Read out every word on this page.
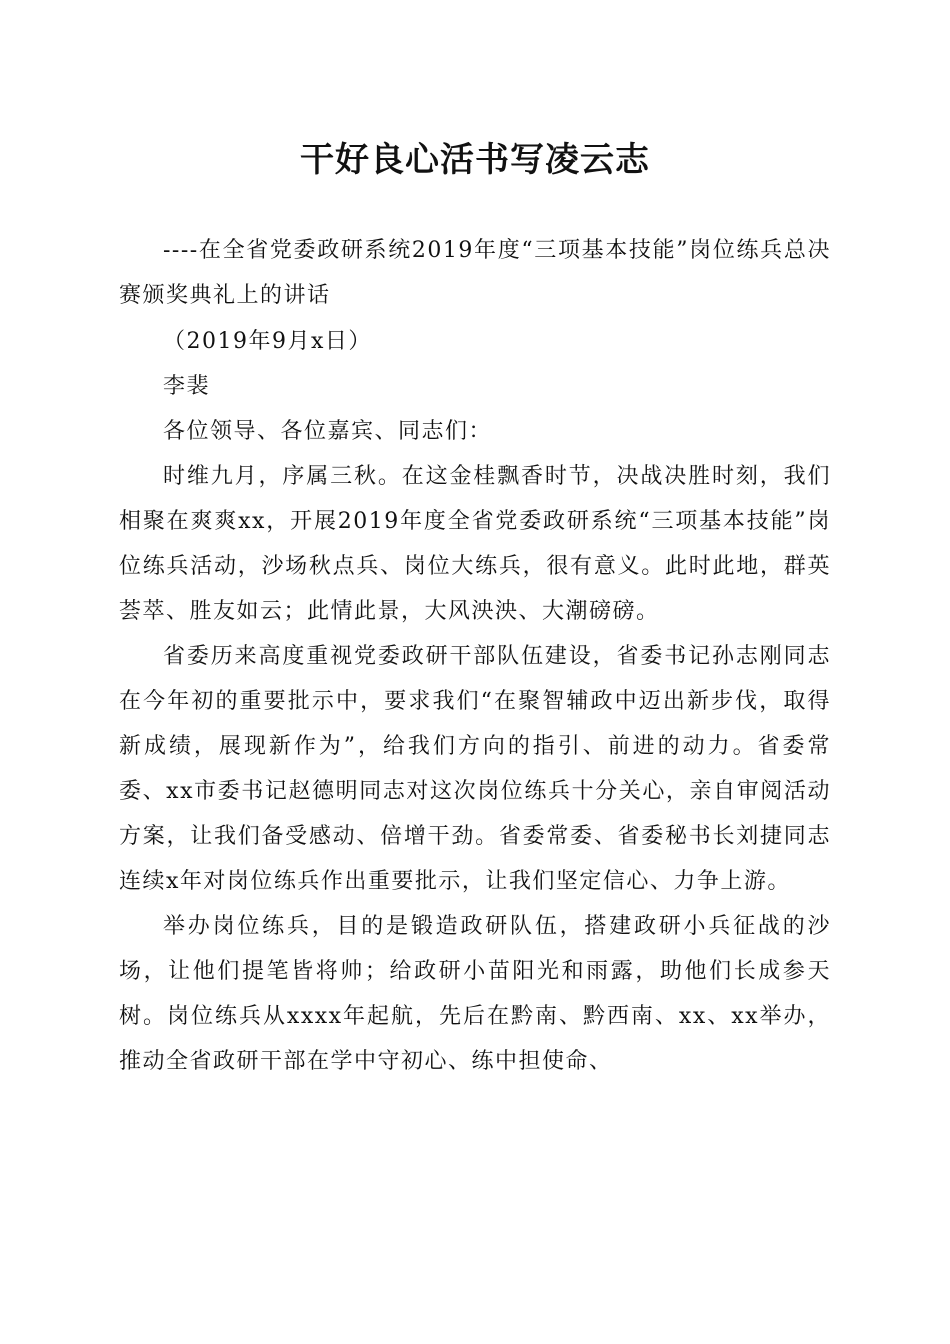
干好良心活书写凌云志

----在全省党委政研系统2019年度“三项基本技能”岗位练兵总决赛颁奖典礼上的讲话

（2019年9月x日）

李裴

各位领导、各位嘉宾、同志们：

时维九月，序属三秋。在这金桂飘香时节，决战决胜时刻，我们相聚在爽爽xx，开展2019年度全省党委政研系统“三项基本技能”岗位练兵活动，沙场秋点兵、岗位大练兵，很有意义。此时此地，群英荟萃、胜友如云；此情此景，大风泱泱、大潮磅磅。

省委历来高度重视党委政研干部队伍建设，省委书记孙志刚同志在今年初的重要批示中，要求我们“在聚智辅政中迈出新步伐，取得新成绩，展现新作为”，给我们方向的指引、前进的动力。省委常委、xx市委书记赵德明同志对这次岗位练兵十分关心，亲自审阅活动方案，让我们备受感动、倍增干劲。省委常委、省委秘书长刘捷同志连续x年对岗位练兵作出重要批示，让我们坚定信心、力争上游。

举办岗位练兵，目的是锻造政研队伍，搭建政研小兵征战的沙场，让他们提笔皆将帅；给政研小苗阳光和雨露，助他们长成参天树。岗位练兵从xxxx年起航，先后在黔南、黔西南、xx、xx举办，推动全省政研干部在学中守初心、练中担使命、
